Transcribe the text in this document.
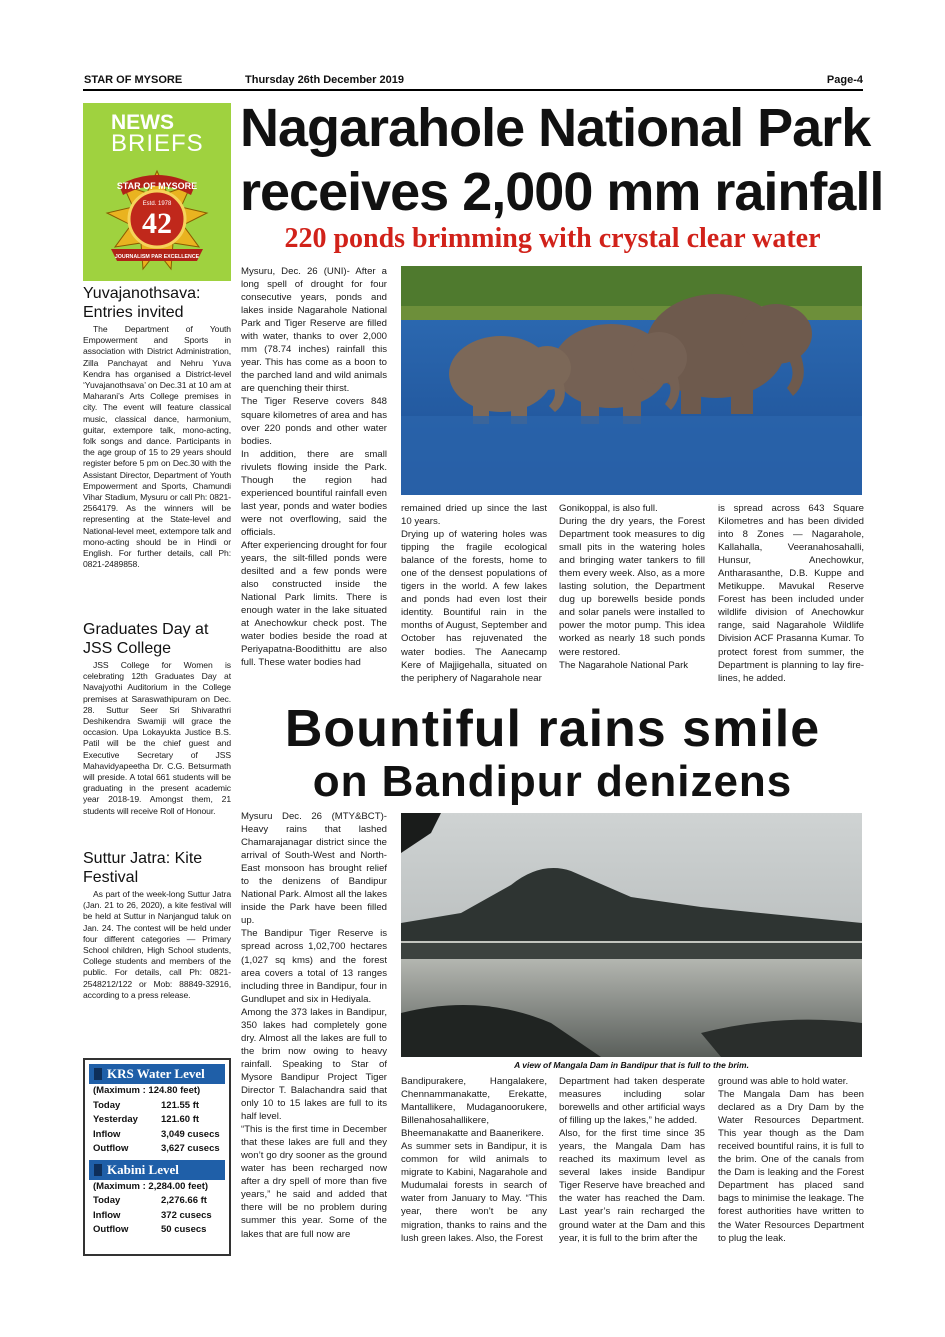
STAR OF MYSORE	Thursday 26th December 2019	Page-4
NEWS
BRIEFS
STAR OF MYSORE
Estd. 1978
42
JOURNALISM PAR EXCELLENCE
Yuvajanothsava: Entries invited
The Department of Youth Empowerment and Sports in association with District Administration, Zilla Panchayat and Nehru Yuva Kendra has organised a District-level ‘Yuvajanothsava’ on Dec.31 at 10 am at Maharani’s Arts College premises in city. The event will feature classical music, classical dance, harmonium, guitar, extempore talk, mono-acting, folk songs and dance. Participants in the age group of 15 to 29 years should register before 5 pm on Dec.30 with the Assistant Director, Department of Youth Empowerment and Sports, Chamundi Vihar Stadium, Mysuru or call Ph: 0821-2564179. As the winners will be representing at the State-level and National-level meet, extempore talk and mono-acting should be in Hindi or English. For further details, call Ph: 0821-2489858.
Graduates Day at JSS College
JSS College for Women is celebrating 12th Graduates Day at Navajyothi Auditorium in the College premises at Saraswathipuram on Dec. 28. Suttur Seer Sri Shivarathri Deshikendra Swamiji will grace the occasion. Upa Lokayukta Justice B.S. Patil will be the chief guest and Executive Secretary of JSS Mahavidyapeetha Dr. C.G. Betsurmath will preside. A total 661 students will be graduating in the present academic year 2018-19. Amongst them, 21 students will receive Roll of Honour.
Suttur Jatra: Kite Festival
As part of the week-long Suttur Jatra (Jan. 21 to 26, 2020), a kite festival will be held at Suttur in Nanjangud taluk on Jan. 24. The contest will be held under four different categories — Primary School children, High School students, College students and members of the public. For details, call Ph: 0821-2548212/122 or Mob: 88849-32916, according to a press release.
KRS Water Level
(Maximum : 124.80 feet)
Today	121.55 ft
Yesterday	121.60 ft
Inflow	3,049 cusecs
Outflow	3,627 cusecs
Kabini Level
(Maximum : 2,284.00 feet)
Today	2,276.66 ft
Inflow	372 cusecs
Outflow	50 cusecs
Nagarahole National Park
receives 2,000 mm rainfall
220 ponds brimming with crystal clear water
Mysuru, Dec. 26 (UNI)- After a long spell of drought for four consecutive years, ponds and lakes inside Nagarahole National Park and Tiger Reserve are filled with water, thanks to over 2,000 mm (78.74 inches) rainfall this year. This has come as a boon to the parched land and wild animals are quenching their thirst.
The Tiger Reserve covers 848 square kilometres of area and has over 220 ponds and other water bodies.
In addition, there are small rivulets flowing inside the Park. Though the region had experienced bountiful rainfall even last year, ponds and water bodies were not overflowing, said the officials.
After experiencing drought for four years, the silt-filled ponds were desilted and a few ponds were also constructed inside the National Park limits. There is enough water in the lake situated at Anechowkur check post. The water bodies beside the road at Periyapatna-Boodithittu are also full. These water bodies had
remained dried up since the last 10 years.
Drying up of watering holes was tipping the fragile ecological balance of the forests, home to one of the densest populations of tigers in the world. A few lakes and ponds had even lost their identity. Bountiful rain in the months of August, September and October has rejuvenated the water bodies. The Aanecamp Kere of Majjigehalla, situated on the periphery of Nagarahole near
Gonikoppal, is also full.
During the dry years, the Forest Department took measures to dig small pits in the watering holes and bringing water tankers to fill them every week. Also, as a more lasting solution, the Department dug up borewells beside ponds and solar panels were installed to power the motor pump. This idea worked as nearly 18 such ponds were restored.
The Nagarahole National Park
is spread across 643 Square Kilometres and has been divided into 8 Zones — Nagarahole, Kallahalla, Veeranahosahalli, Hunsur, Anechowkur, Antharasanthe, D.B. Kuppe and Metikuppe. Mavukal Reserve Forest has been included under wildlife division of Anechowkur range, said Nagarahole Wildlife Division ACF Prasanna Kumar. To protect forest from summer, the Department is planning to lay fire-lines, he added.
Bountiful rains smile
on Bandipur denizens
A view of Mangala Dam in Bandipur that is full to the brim.
Mysuru Dec. 26 (MTY&BCT)- Heavy rains that lashed Chamarajanagar district since the arrival of South-West and North-East monsoon has brought relief to the denizens of Bandipur National Park. Almost all the lakes inside the Park have been filled up.
The Bandipur Tiger Reserve is spread across 1,02,700 hectares (1,027 sq kms) and the forest area covers a total of 13 ranges including three in Bandipur, four in Gundlupet and six in Hediyala.
Among the 373 lakes in Bandipur, 350 lakes had completely gone dry. Almost all the lakes are full to the brim now owing to heavy rainfall. Speaking to Star of Mysore Bandipur Project Tiger Director T. Balachandra said that only 10 to 15 lakes are full to its half level.
“This is the first time in December that these lakes are full and they won’t go dry sooner as the ground water has been recharged now after a dry spell of more than five years,” he said and added that there will be no problem during summer this year. Some of the lakes that are full now are
Bandipurakere, Hangalakere, Chennammanakatte, Erekatte, Mantallikere, Mudaganoorukere, Billenahosahallikere, Bheemanakatte and Baanerikere.
As summer sets in Bandipur, it is common for wild animals to migrate to Kabini, Nagarahole and Mudumalai forests in search of water from January to May. “This year, there won’t be any migration, thanks to rains and the lush green lakes. Also, the Forest
Department had taken desperate measures including solar borewells and other artificial ways of filling up the lakes,” he added.
Also, for the first time since 35 years, the Mangala Dam has reached its maximum level as several lakes inside Bandipur Tiger Reserve have breached and the water has reached the Dam. Last year’s rain recharged the ground water at the Dam and this year, it is full to the brim after the
ground was able to hold water.
The Mangala Dam has been declared as a Dry Dam by the Water Resources Department. This year though as the Dam received bountiful rains, it is full to the brim. One of the canals from the Dam is leaking and the Forest Department has placed sand bags to minimise the leakage. The forest authorities have written to the Water Resources Department to plug the leak.
